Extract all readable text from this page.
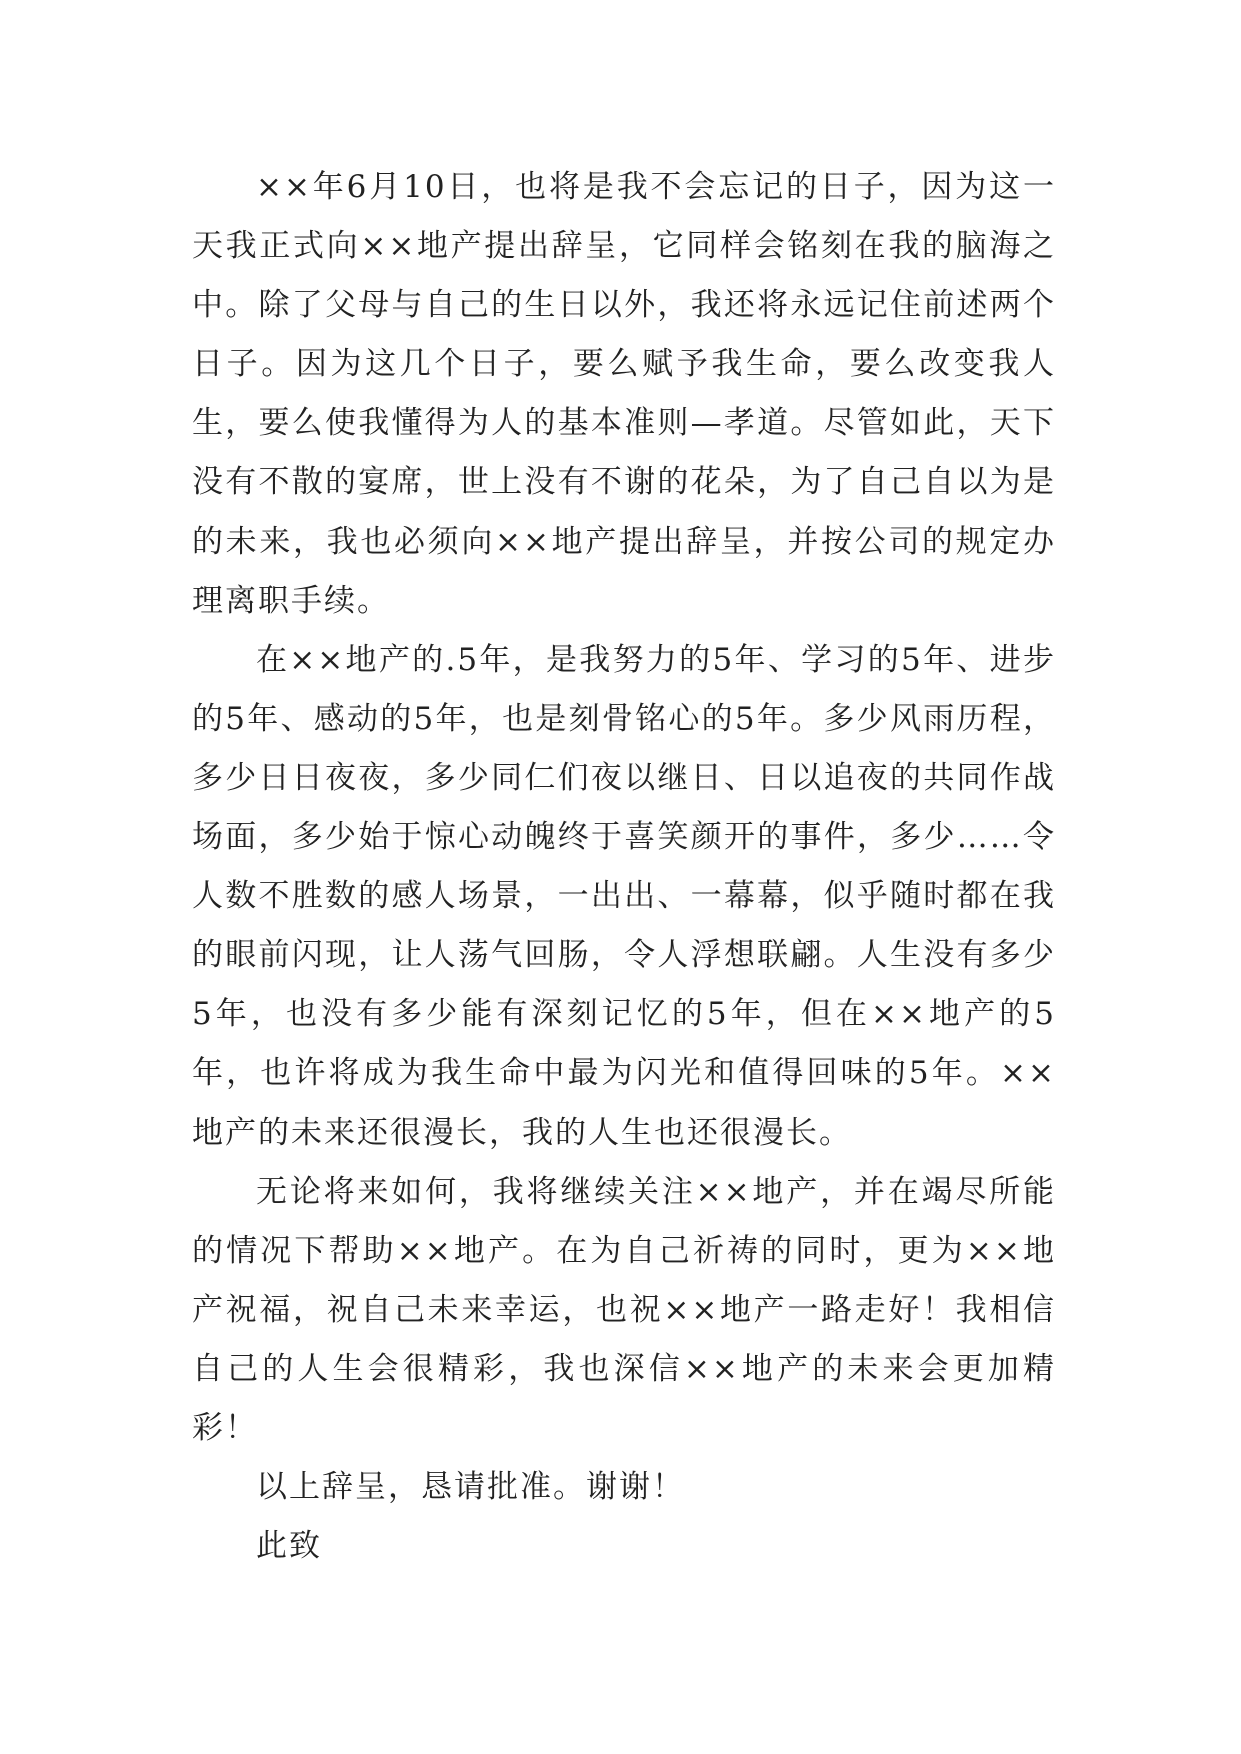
××年6月10日，也将是我不会忘记的日子，因为这一天我正式向××地产提出辞呈，它同样会铭刻在我的脑海之中。除了父母与自己的生日以外，我还将永远记住前述两个日子。因为这几个日子，要么赋予我生命，要么改变我人生，要么使我懂得为人的基本准则—孝道。尽管如此，天下没有不散的宴席，世上没有不谢的花朵，为了自己自以为是的未来，我也必须向××地产提出辞呈，并按公司的规定办理离职手续。

在××地产的.5年，是我努力的5年、学习的5年、进步的5年、感动的5年，也是刻骨铭心的5年。多少风雨历程，多少日日夜夜，多少同仁们夜以继日、日以追夜的共同作战场面，多少始于惊心动魄终于喜笑颜开的事件，多少……令人数不胜数的感人场景，一出出、一幕幕，似乎随时都在我的眼前闪现，让人荡气回肠，令人浮想联翩。人生没有多少5年，也没有多少能有深刻记忆的5年，但在××地产的5年，也许将成为我生命中最为闪光和值得回味的5年。××地产的未来还很漫长，我的人生也还很漫长。

无论将来如何，我将继续关注××地产，并在竭尽所能的情况下帮助××地产。在为自己祈祷的同时，更为××地产祝福，祝自己未来幸运，也祝××地产一路走好！我相信自己的人生会很精彩，我也深信××地产的未来会更加精彩！

以上辞呈，恳请批准。谢谢！

此致
